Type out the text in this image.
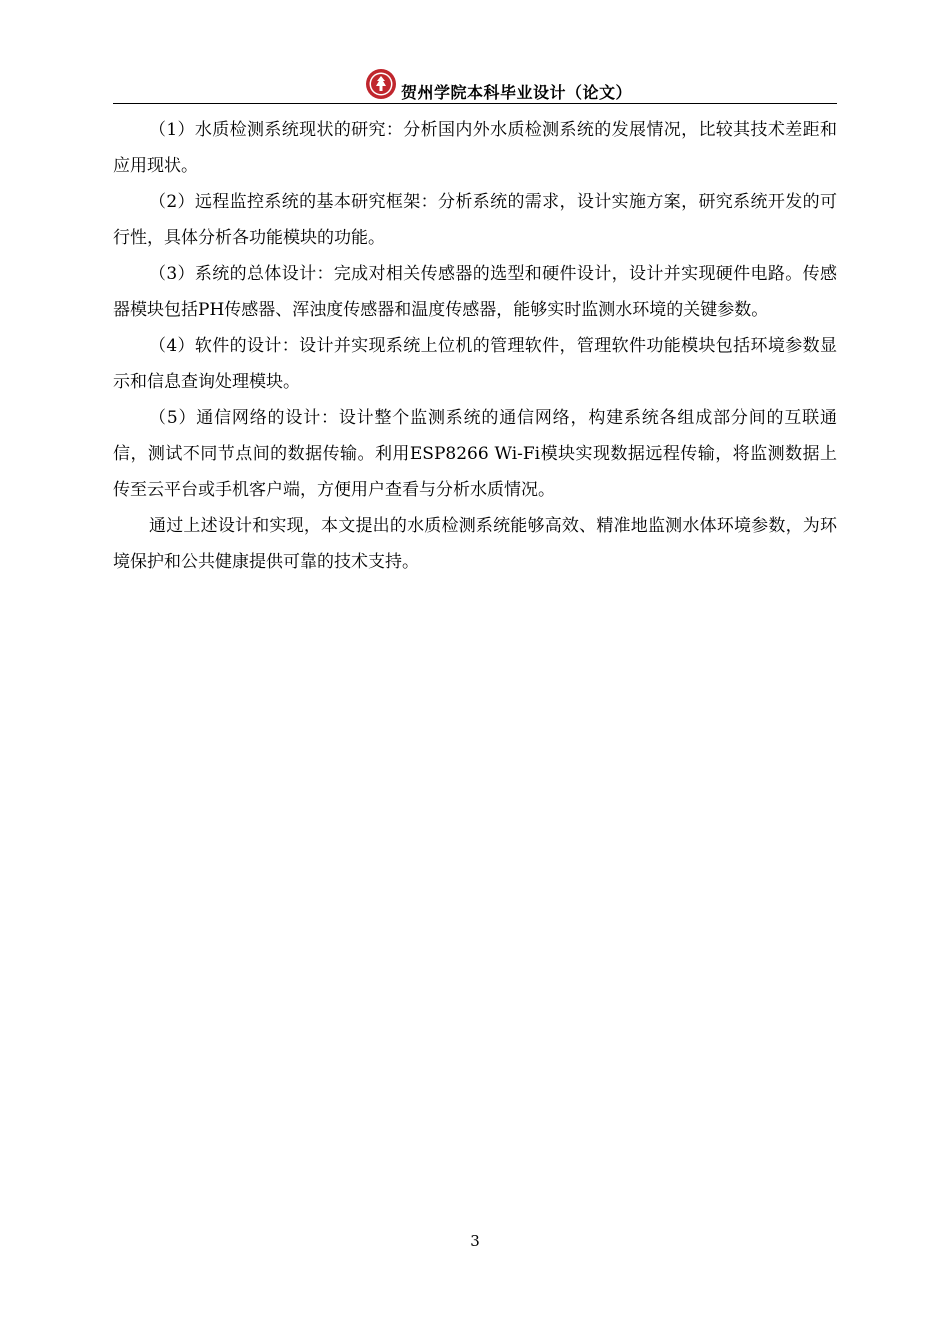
贺州学院本科毕业设计（论文）

（1）水质检测系统现状的研究：分析国内外水质检测系统的发展情况，比较其技术差距和应用现状。

（2）远程监控系统的基本研究框架：分析系统的需求，设计实施方案，研究系统开发的可行性，具体分析各功能模块的功能。

（3）系统的总体设计：完成对相关传感器的选型和硬件设计，设计并实现硬件电路。传感器模块包括PH传感器、浑浊度传感器和温度传感器，能够实时监测水环境的关键参数。

（4）软件的设计：设计并实现系统上位机的管理软件，管理软件功能模块包括环境参数显示和信息查询处理模块。

（5）通信网络的设计：设计整个监测系统的通信网络，构建系统各组成部分间的互联通信，测试不同节点间的数据传输。利用ESP8266 Wi-Fi模块实现数据远程传输，将监测数据上传至云平台或手机客户端，方便用户查看与分析水质情况。

通过上述设计和实现，本文提出的水质检测系统能够高效、精准地监测水体环境参数，为环境保护和公共健康提供可靠的技术支持。

3
